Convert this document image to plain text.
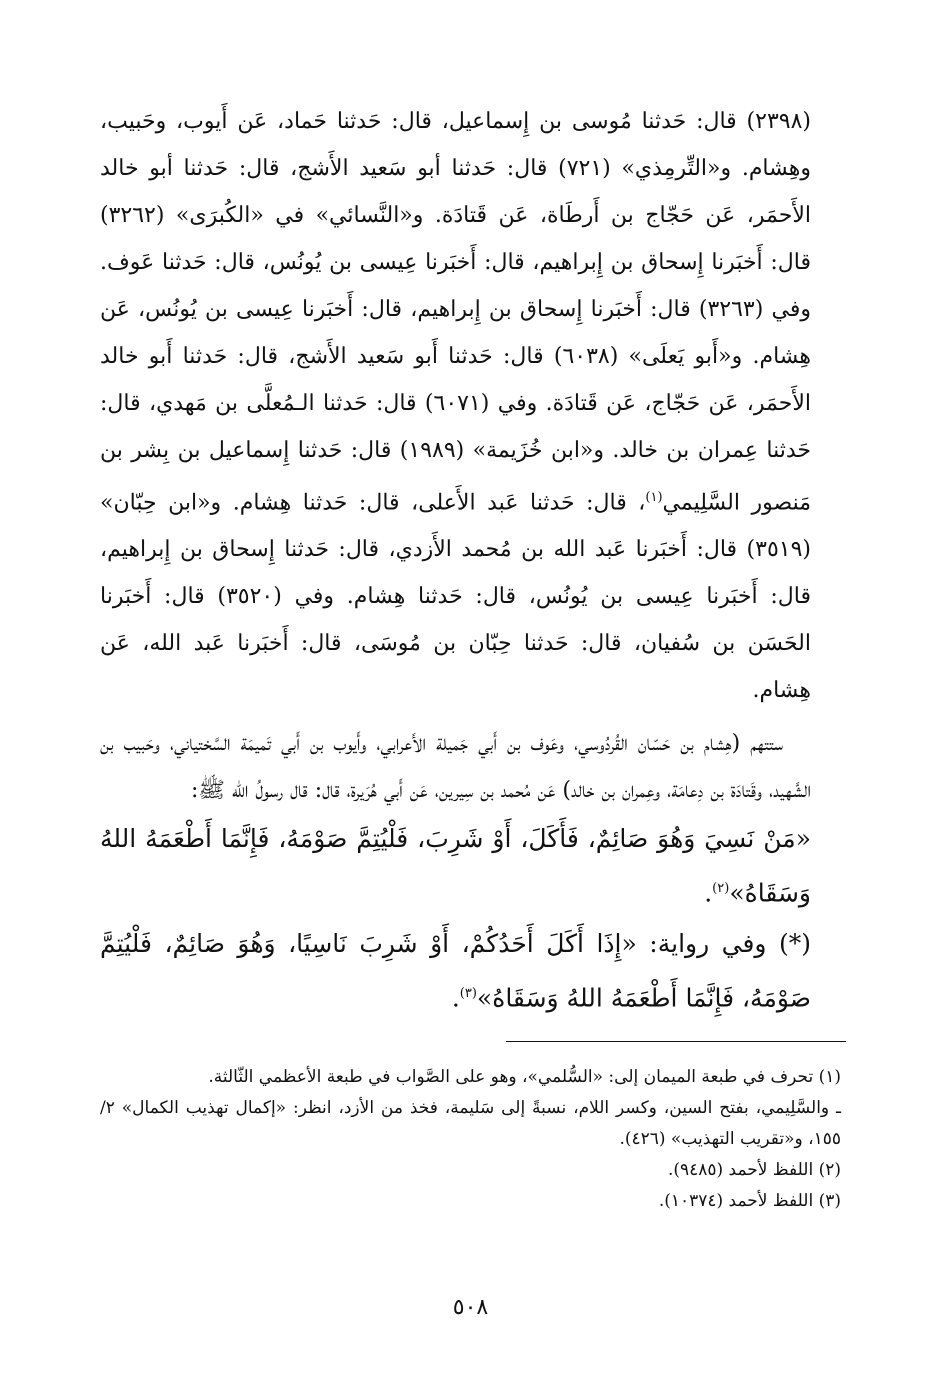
(٢٣٩٨) قال: حَدثنا مُوسى بن إِسماعيل، قال: حَدثنا حَماد، عَن أَيوب، وحَبيب، وهِشام. و«التِّرمِذي» (٧٢١) قال: حَدثنا أبو سَعيد الأَشج، قال: حَدثنا أبو خالد الأَحمَر، عَن حَجّاج بن أَرطَاة، عَن قَتادَة. و«النَّسائي» في «الكُبرَى» (٣٢٦٢) قال: أَخبَرنا إِسحاق بن إِبراهيم، قال: أَخبَرنا عِيسى بن يُونُس، قال: حَدثنا عَوف. وفي (٣٢٦٣) قال: أَخبَرنا إِسحاق بن إِبراهيم، قال: أَخبَرنا عِيسى بن يُونُس، عَن هِشام. و«أَبو يَعلَى» (٦٠٣٨) قال: حَدثنا أَبو سَعيد الأَشج، قال: حَدثنا أَبو خالد الأَحمَر، عَن حَجّاج، عَن قَتادَة. وفي (٦٠٧١) قال: حَدثنا الـمُعلَّى بن مَهدي، قال: حَدثنا عِمران بن خالد. و«ابن خُزَيمة» (١٩٨٩) قال: حَدثنا إِسماعيل بن بِشر بن مَنصور السَّلِيمي$^{(١)}$، قال: حَدثنا عَبد الأَعلى، قال: حَدثنا هِشام. و«ابن حِبّان» (٣٥١٩) قال: أَخبَرنا عَبد الله بن مُحمد الأَزدي، قال: حَدثنا إِسحاق بن إِبراهيم، قال: أَخبَرنا عِيسى بن يُونُس، قال: حَدثنا هِشام. وفي (٣٥٢٠) قال: أَخبَرنا الحَسَن بن سُفيان، قال: حَدثنا حِبّان بن مُوسَى، قال: أَخبَرنا عَبد الله، عَن هِشام.

ستتهم (هِشام بن حَسّان القُردُوسي، وعَوف بن أَبي جَميلة الأَعرابي، وأَيوب بن أَبي تَميمَة السَّختياني، وحَبيب بن الشَّهيد، وقَتادَة بن دِعامَة، وعِمران بن خالد) عَن مُحمد بن سِيرين، عَن أَبي هُرَيرة، قال: قال رسولُ الله ﷺ:

«مَنْ نَسِيَ وَهُوَ صَائِمٌ، فَأَكَلَ، أَوْ شَرِبَ، فَلْيُتِمَّ صَوْمَهُ، فَإِنَّمَا أَطْعَمَهُ اللهُ وَسَقَاهُ»$^{(٢)}$.

(*) وفي رواية: «إِذَا أَكَلَ أَحَدُكُمْ، أَوْ شَرِبَ نَاسِيًا، وَهُوَ صَائِمٌ، فَلْيُتِمَّ صَوْمَهُ، فَإِنَّمَا أَطْعَمَهُ اللهُ وَسَقَاهُ»$^{(٣)}$.

(١) تحرف في طبعة الميمان إلى: «السُّلمي»، وهو على الصَّواب في طبعة الأعظمي الثّالثة.

ـ والسَّلِيمي، بفتح السين، وكسر اللام، نسبةً إلى سَليمة، فخذ من الأزد، انظر: «إكمال تهذيب الكمال» ٢/ ١٥٥، و«تقريب التهذيب» (٤٢٦).

(٢) اللفظ لأحمد (٩٤٨٥).

(٣) اللفظ لأحمد (١٠٣٧٤).

٥٠٨
